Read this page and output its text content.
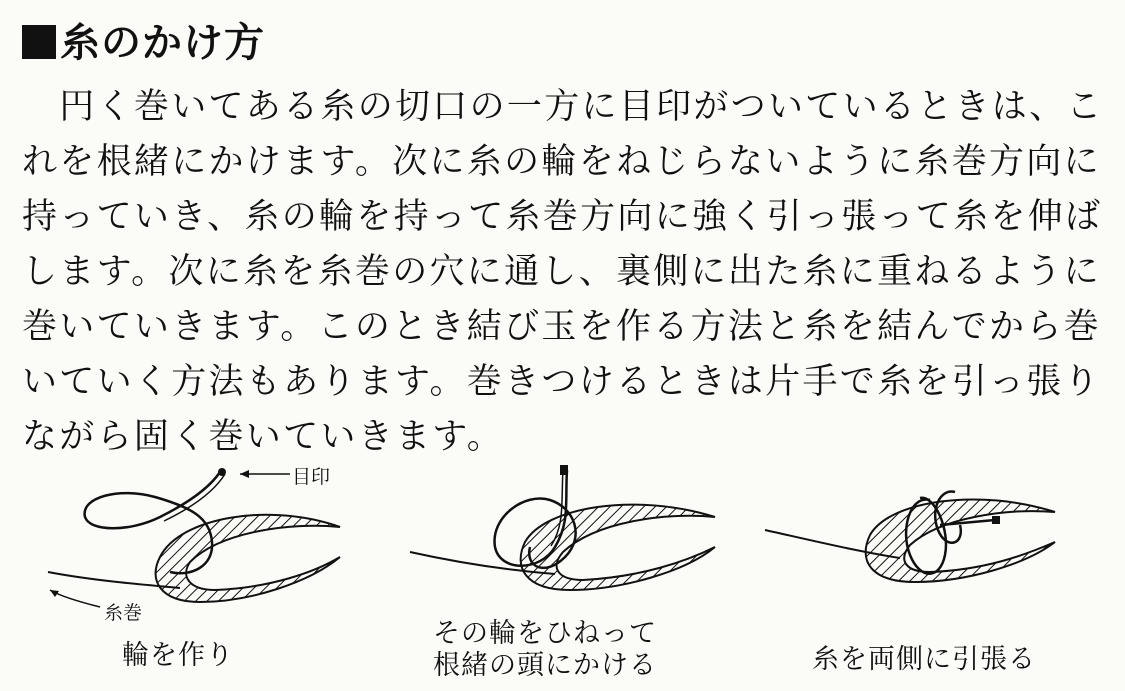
糸のかけ方
　円く巻いてある糸の切口の一方に目印がついているときは、こ
れを根緒にかけます。次に糸の輪をねじらないように糸巻方向に
持っていき、糸の輪を持って糸巻方向に強く引っ張って糸を伸ば
します。次に糸を糸巻の穴に通し、裏側に出た糸に重ねるように
巻いていきます。このとき結び玉を作る方法と糸を結んでから巻
いていく方法もあります。巻きつけるときは片手で糸を引っ張り
ながら固く巻いていきます。
目印
糸巻
輪を作り
その輪をひねって
根緒の頭にかける	糸を両側に引張る
